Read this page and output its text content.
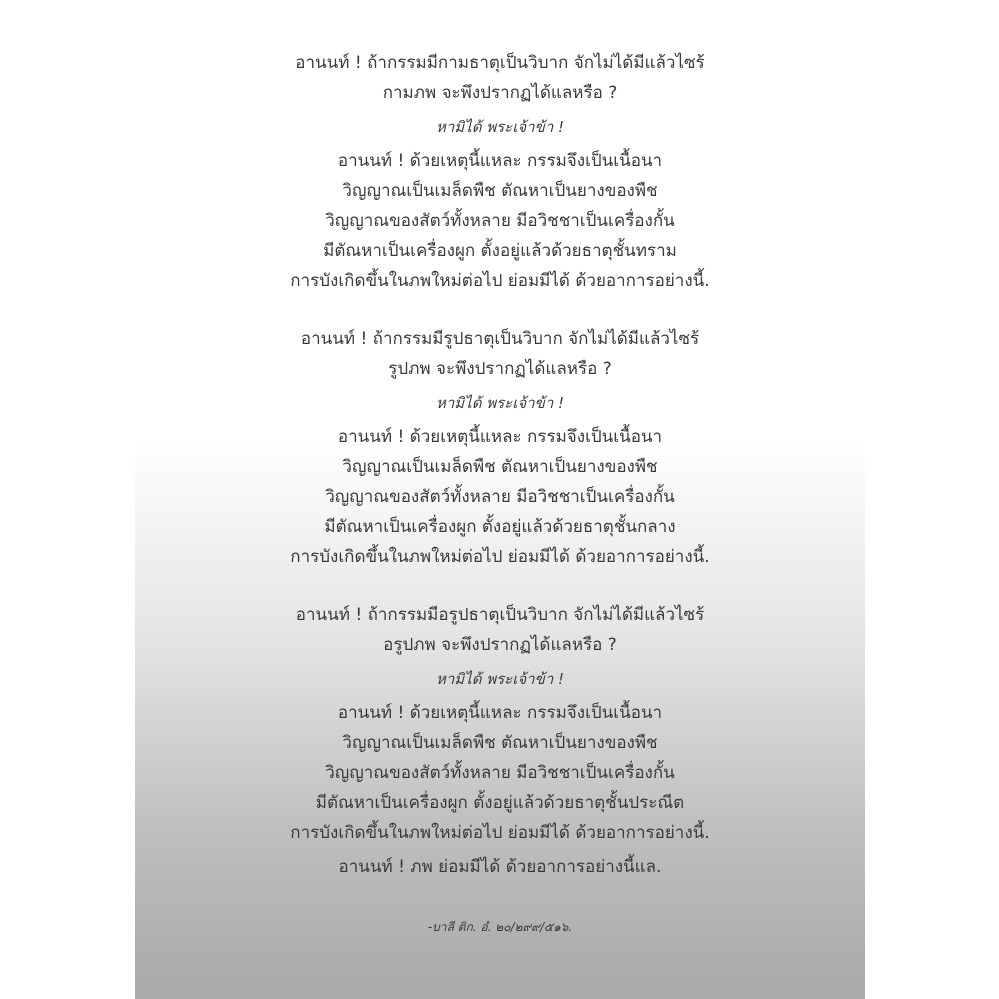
อานนท์ ! ถ้ากรรมมีกามธาตุเป็นวิบาก จักไม่ได้มีแล้วไซร้
กามภพ จะพึงปรากฏได้แลหรือ ?
หามิได้ พระเจ้าข้า !
อานนท์ ! ด้วยเหตุนี้แหละ กรรมจึงเป็นเนื้อนา
วิญญาณเป็นเมล็ดพืช ตัณหาเป็นยางของพืช
วิญญาณของสัตว์ทั้งหลาย มีอวิชชาเป็นเครื่องกั้น
มีตัณหาเป็นเครื่องผูก ตั้งอยู่แล้วด้วยธาตุชั้นทราม
การบังเกิดขึ้นในภพใหม่ต่อไป ย่อมมีได้ ด้วยอาการอย่างนี้.
อานนท์ ! ถ้ากรรมมีรูปธาตุเป็นวิบาก จักไม่ได้มีแล้วไซร้
รูปภพ จะพึงปรากฏได้แลหรือ ?
หามิได้ พระเจ้าข้า !
อานนท์ ! ด้วยเหตุนี้แหละ กรรมจึงเป็นเนื้อนา
วิญญาณเป็นเมล็ดพืช ตัณหาเป็นยางของพืช
วิญญาณของสัตว์ทั้งหลาย มีอวิชชาเป็นเครื่องกั้น
มีตัณหาเป็นเครื่องผูก ตั้งอยู่แล้วด้วยธาตุชั้นกลาง
การบังเกิดขึ้นในภพใหม่ต่อไป ย่อมมีได้ ด้วยอาการอย่างนี้.
อานนท์ ! ถ้ากรรมมีอรูปธาตุเป็นวิบาก จักไม่ได้มีแล้วไซร้
อรูปภพ จะพึงปรากฏได้แลหรือ ?
หามิได้ พระเจ้าข้า !
อานนท์ ! ด้วยเหตุนี้แหละ กรรมจึงเป็นเนื้อนา
วิญญาณเป็นเมล็ดพืช ตัณหาเป็นยางของพืช
วิญญาณของสัตว์ทั้งหลาย มีอวิชชาเป็นเครื่องกั้น
มีตัณหาเป็นเครื่องผูก ตั้งอยู่แล้วด้วยธาตุชั้นประณีต
การบังเกิดขึ้นในภพใหม่ต่อไป ย่อมมีได้ ด้วยอาการอย่างนี้.
อานนท์ ! ภพ ย่อมมีได้ ด้วยอาการอย่างนี้แล.
-บาลี ติก. อํ. ๒๐/๒๙๙/๕๑๖.
